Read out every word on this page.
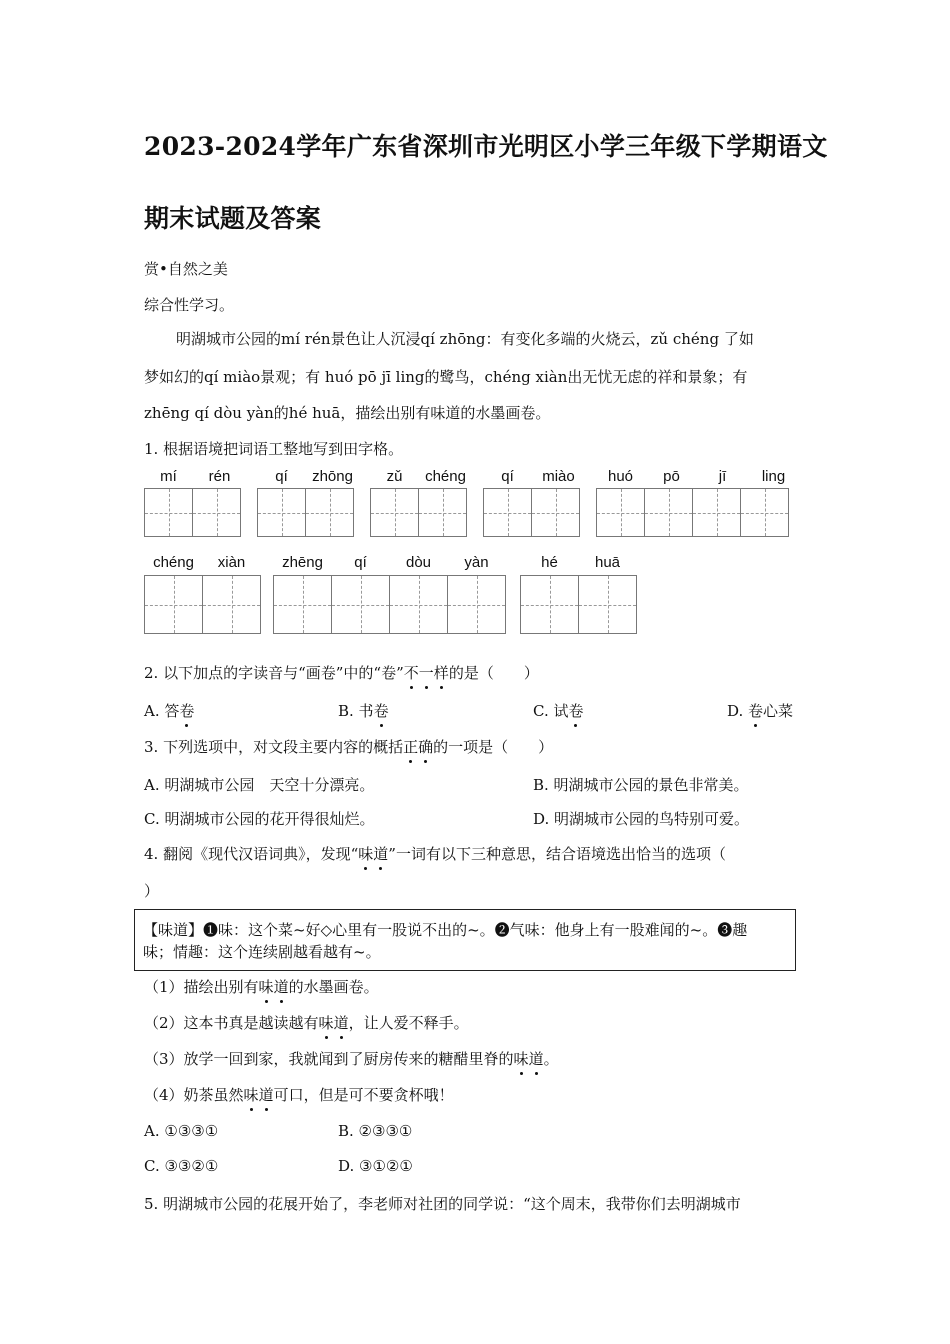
2023-2024学年广东省深圳市光明区小学三年级下学期语文
期末试题及答案
赏•自然之美
综合性学习。
明湖城市公园的mí rén景色让人沉浸qí zhōng：有变化多端的火烧云，zǔ chéng 了如
梦如幻的qí miào景观；有 huó pō jī ling的鹭鸟，chéng xiàn出无忧无虑的祥和景象；有
zhēng qí dòu yàn的hé huā，描绘出别有味道的水墨画卷。
1. 根据语境把词语工整地写到田字格。
mí	rén	qí	zhōng	zǔ	chéng	qí	miào	huó	pō	jī	ling
chéng	xiàn	zhēng	qí	dòu	yàn	hé	huā
2. 以下加点的字读音与“画卷”中的“卷”不一样的是（　　）
A. 答卷	B. 书卷	C. 试卷	D. 卷心菜
3. 下列选项中，对文段主要内容的概括正确的一项是（　　）
A. 明湖城市公园　天空十分漂亮。	B. 明湖城市公园的景色非常美。
C. 明湖城市公园的花开得很灿烂。	D. 明湖城市公园的鸟特别可爱。
4. 翻阅《现代汉语词典》，发现“味道”一词有以下三种意思，结合语境选出恰当的选项（
）
【味道】❶味：这个菜~好◇心里有一股说不出的~。❷气味：他身上有一股难闻的~。❸趣
味；情趣：这个连续剧越看越有~。
（1）描绘出别有味道的水墨画卷。
（2）这本书真是越读越有味道，让人爱不释手。
（3）放学一回到家，我就闻到了厨房传来的糖醋里脊的味道。
（4）奶茶虽然味道可口，但是可不要贪杯哦！
A. ①③③①	B. ②③③①
C. ③③②①	D. ③①②①
5. 明湖城市公园的花展开始了，李老师对社团的同学说：“这个周末，我带你们去明湖城市
